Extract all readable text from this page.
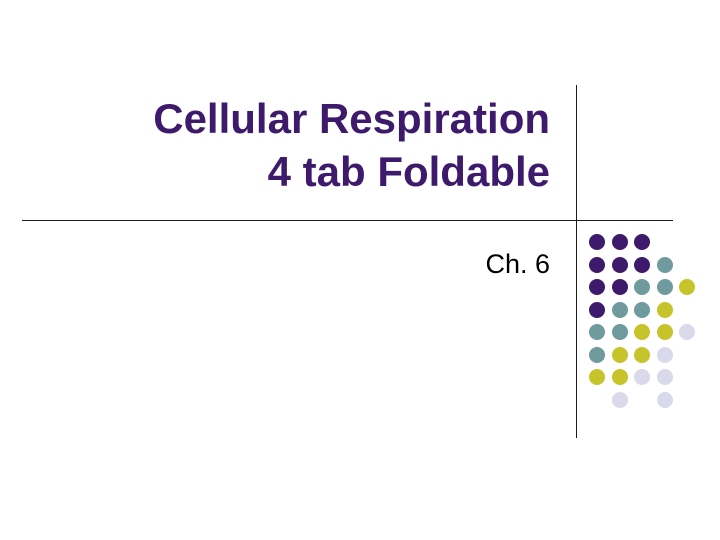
Cellular Respiration
4 tab Foldable
Ch. 6
